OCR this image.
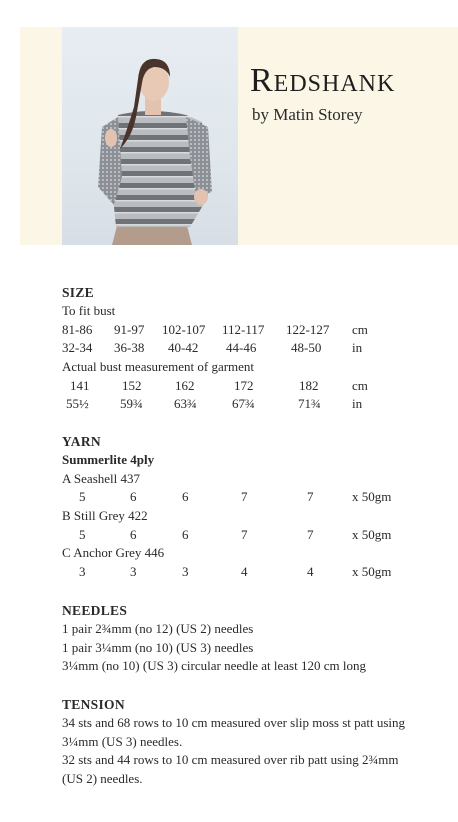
Redshank
by Matin Storey
SIZE
To fit bust
81-86 91-97 102-107 112-117 122-127 cm
32-34 36-38 40-42 44-46	48-50 in
Actual bust measurement of garment
141	152	162	172	182	cm
55½ 59¾ 63¾	67¾	71¾ in
YARN
Summerlite 4ply
A Seashell 437
5	6	6	7	7	x 50gm
B Still Grey 422
5	6	6	7	7	x 50gm
C Anchor Grey 446
3	3	3	4	4	x 50gm
NEEDLES
1 pair 2¾mm (no 12) (US 2) needles
1 pair 3¼mm (no 10) (US 3) needles
3¼mm (no 10) (US 3) circular needle at least 120 cm long
TENSION
34 sts and 68 rows to 10 cm measured over slip moss st patt using
3¼mm (US 3) needles.
32 sts and 44 rows to 10 cm measured over rib patt using 2¾mm
(US 2) needles.
